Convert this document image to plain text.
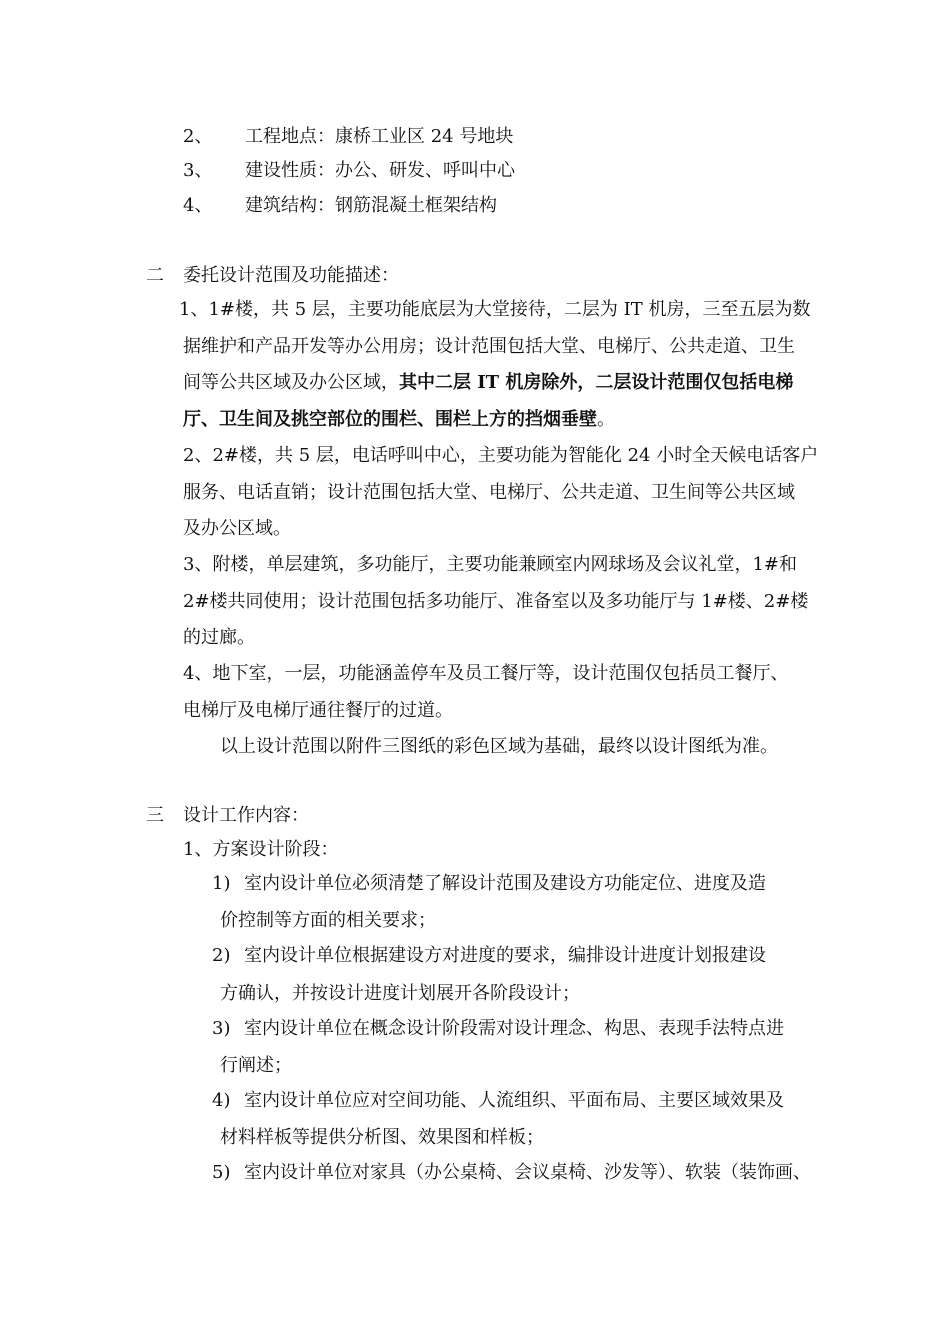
2、 工程地点：康桥工业区 24 号地块
3、 建设性质：办公、研发、呼叫中心
4、 建筑结构：钢筋混凝土框架结构
二 委托设计范围及功能描述：
1、1#楼，共 5 层，主要功能底层为大堂接待，二层为 IT 机房，三至五层为数
据维护和产品开发等办公用房；设计范围包括大堂、电梯厅、公共走道、卫生
间等公共区域及办公区域，其中二层 IT 机房除外，二层设计范围仅包括电梯
厅、卫生间及挑空部位的围栏、围栏上方的挡烟垂壁。
2、2#楼，共 5 层，电话呼叫中心，主要功能为智能化 24 小时全天候电话客户
服务、电话直销；设计范围包括大堂、电梯厅、公共走道、卫生间等公共区域
及办公区域。
3、附楼，单层建筑，多功能厅，主要功能兼顾室内网球场及会议礼堂，1#和
2#楼共同使用；设计范围包括多功能厅、准备室以及多功能厅与 1#楼、2#楼
的过廊。
4、地下室，一层，功能涵盖停车及员工餐厅等，设计范围仅包括员工餐厅、
电梯厅及电梯厅通往餐厅的过道。
以上设计范围以附件三图纸的彩色区域为基础，最终以设计图纸为准。
三 设计工作内容：
1、方案设计阶段：
1) 室内设计单位必须清楚了解设计范围及建设方功能定位、进度及造
价控制等方面的相关要求；
2) 室内设计单位根据建设方对进度的要求，编排设计进度计划报建设
方确认，并按设计进度计划展开各阶段设计；
3) 室内设计单位在概念设计阶段需对设计理念、构思、表现手法特点进
行阐述；
4) 室内设计单位应对空间功能、人流组织、平面布局、主要区域效果及
材料样板等提供分析图、效果图和样板；
5) 室内设计单位对家具（办公桌椅、会议桌椅、沙发等）、软装（装饰画、
